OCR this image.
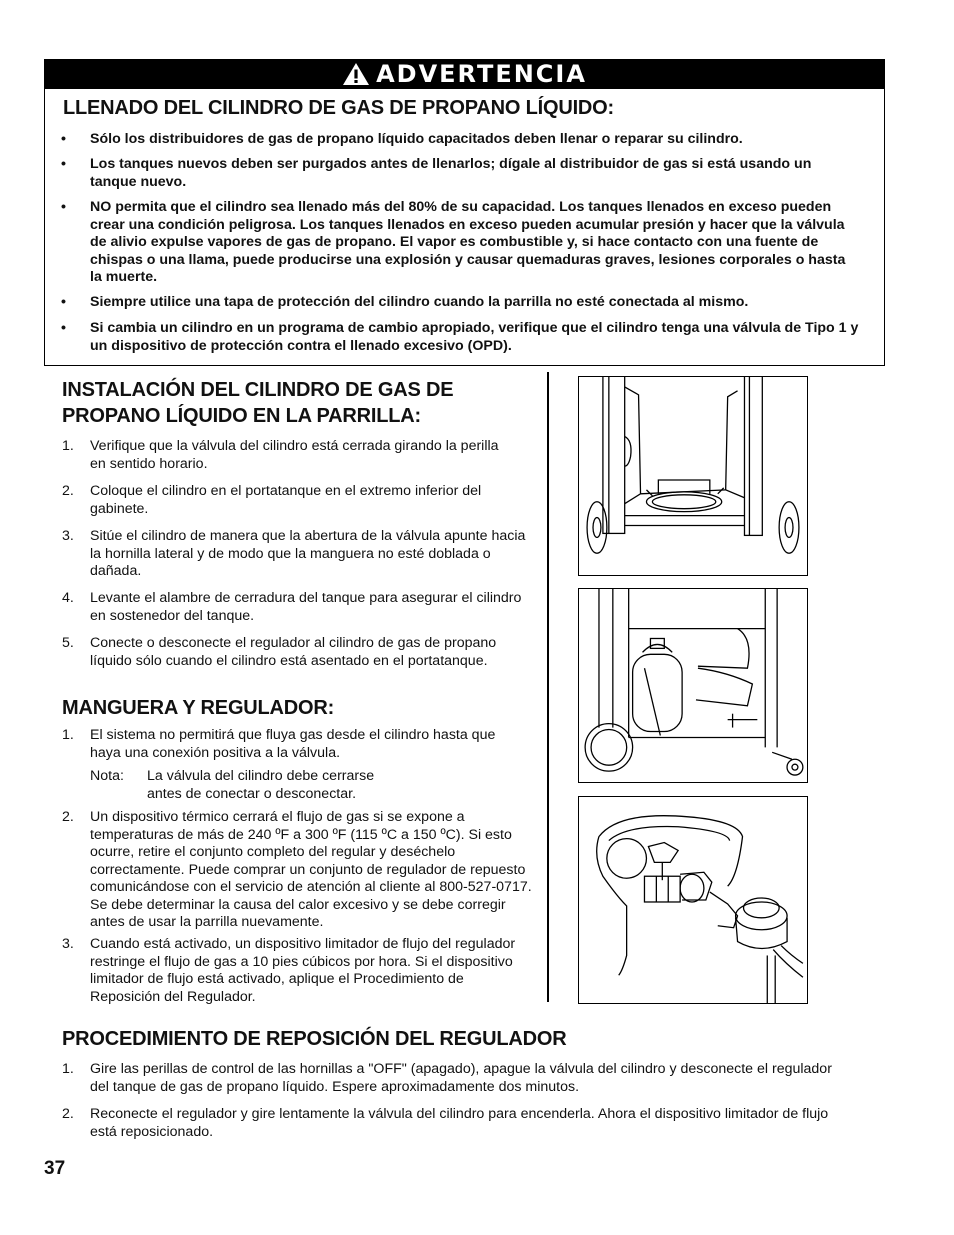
ADVERTENCIA
LLENADO DEL CILINDRO DE GAS DE PROPANO LÍQUIDO:
• Sólo los distribuidores de gas de propano líquido capacitados deben llenar o reparar su cilindro.
• Los tanques nuevos deben ser purgados antes de llenarlos; dígale al distribuidor de gas si está usando un tanque nuevo.
• NO permita que el cilindro sea llenado más del 80% de su capacidad. Los tanques llenados en exceso pueden crear una condición peligrosa. Los tanques llenados en exceso pueden acumular presión y hacer que la válvula de alivio expulse vapores de gas de propano. El vapor es combustible y, si hace contacto con una fuente de chispas o una llama, puede producirse una explosión y causar quemaduras graves, lesiones corporales o hasta la muerte.
• Siempre utilice una tapa de protección del cilindro cuando la parrilla no esté conectada al mismo.
• Si cambia un cilindro en un programa de cambio apropiado, verifique que el cilindro tenga una válvula de Tipo 1 y un dispositivo de protección contra el llenado excesivo (OPD).
INSTALACIÓN DEL CILINDRO DE GAS DE
PROPANO LÍQUIDO EN LA PARRILLA:
1. Verifique que la válvula del cilindro está cerrada girando la perilla en sentido horario.
2. Coloque el cilindro en el portatanque en el extremo inferior del gabinete.
3. Sitúe el cilindro de manera que la abertura de la válvula apunte hacia la hornilla lateral y de modo que la manguera no esté doblada o dañada.
4. Levante el alambre de cerradura del tanque para asegurar el cilindro en sostenedor del tanque.
5. Conecte o desconecte el regulador al cilindro de gas de propano líquido sólo cuando el cilindro está asentado en el portatanque.
MANGUERA Y REGULADOR:
1. El sistema no permitirá que fluya gas desde el cilindro hasta que haya una conexión positiva a la válvula.
Nota: La válvula del cilindro debe cerrarse antes de conectar o desconectar.
2. Un dispositivo térmico cerrará el flujo de gas si se expone a temperaturas de más de 240 ºF a 300 ºF (115 ºC a 150 ºC). Si esto ocurre, retire el conjunto completo del regular y deséchelo correctamente. Puede comprar un conjunto de regulador de repuesto comunicándose con el servicio de atención al cliente al 800-527-0717. Se debe determinar la causa del calor excesivo y se debe corregir antes de usar la parrilla nuevamente.
3. Cuando está activado, un dispositivo limitador de flujo del regulador restringe el flujo de gas a 10 pies cúbicos por hora. Si el dispositivo limitador de flujo está activado, aplique el Procedimiento de Reposición del Regulador.
PROCEDIMIENTO DE REPOSICIÓN DEL REGULADOR
1. Gire las perillas de control de las hornillas a "OFF" (apagado), apague la válvula del cilindro y desconecte el regulador del tanque de gas de propano líquido. Espere aproximadamente dos minutos.
2. Reconecte el regulador y gire lentamente la válvula del cilindro para encenderla. Ahora el dispositivo limitador de flujo está reposicionado.
37
